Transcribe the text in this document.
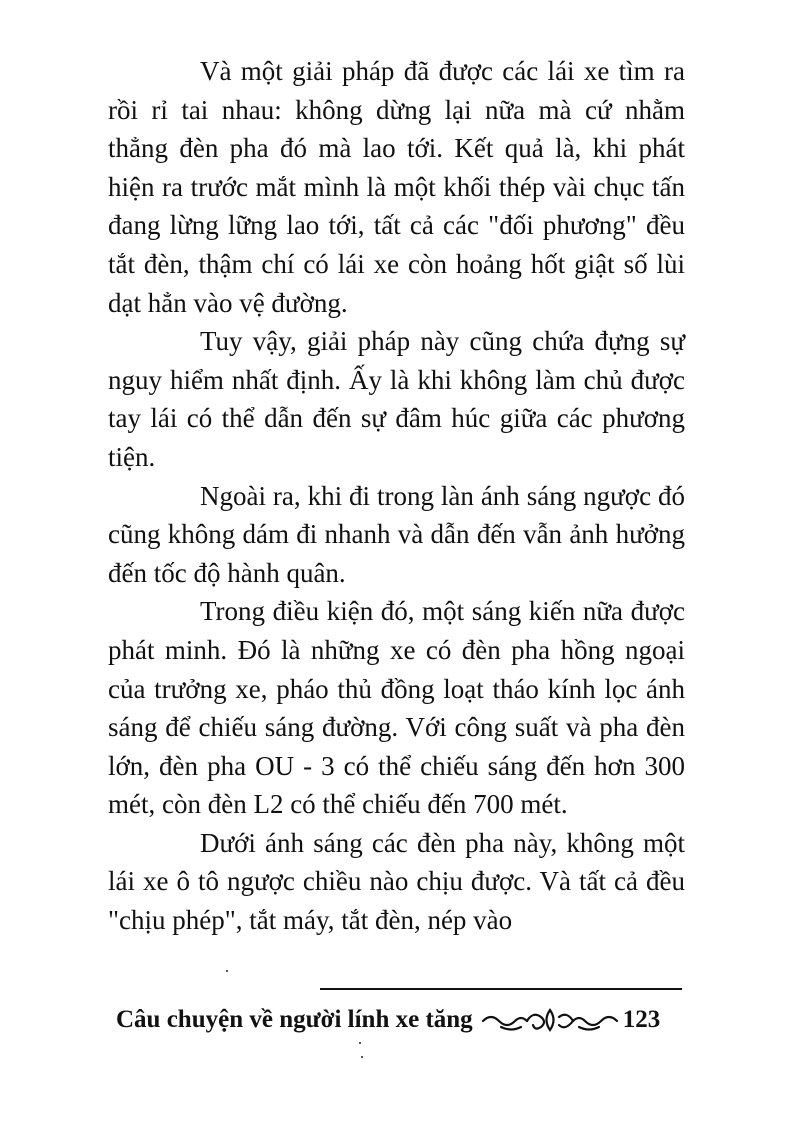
Và một giải pháp đã được các lái xe tìm ra rồi rỉ tai nhau: không dừng lại nữa mà cứ nhằm thẳng đèn pha đó mà lao tới. Kết quả là, khi phát hiện ra trước mắt mình là một khối thép vài chục tấn đang lừng lững lao tới, tất cả các "đối phương" đều tắt đèn, thậm chí có lái xe còn hoảng hốt giật số lùi dạt hẳn vào vệ đường.

Tuy vậy, giải pháp này cũng chứa đựng sự nguy hiểm nhất định. Ấy là khi không làm chủ được tay lái có thể dẫn đến sự đâm húc giữa các phương tiện.

Ngoài ra, khi đi trong làn ánh sáng ngược đó cũng không dám đi nhanh và dẫn đến vẫn ảnh hưởng đến tốc độ hành quân.

Trong điều kiện đó, một sáng kiến nữa được phát minh. Đó là những xe có đèn pha hồng ngoại của trưởng xe, pháo thủ đồng loạt tháo kính lọc ánh sáng để chiếu sáng đường. Với công suất và pha đèn lớn, đèn pha OU - 3 có thể chiếu sáng đến hơn 300 mét, còn đèn L2 có thể chiếu đến 700 mét.

Dưới ánh sáng các đèn pha này, không một lái xe ô tô ngược chiều nào chịu được. Và tất cả đều "chịu phép", tắt máy, tắt đèn, nép vào

Câu chuyện về người lính xe tăng	123
